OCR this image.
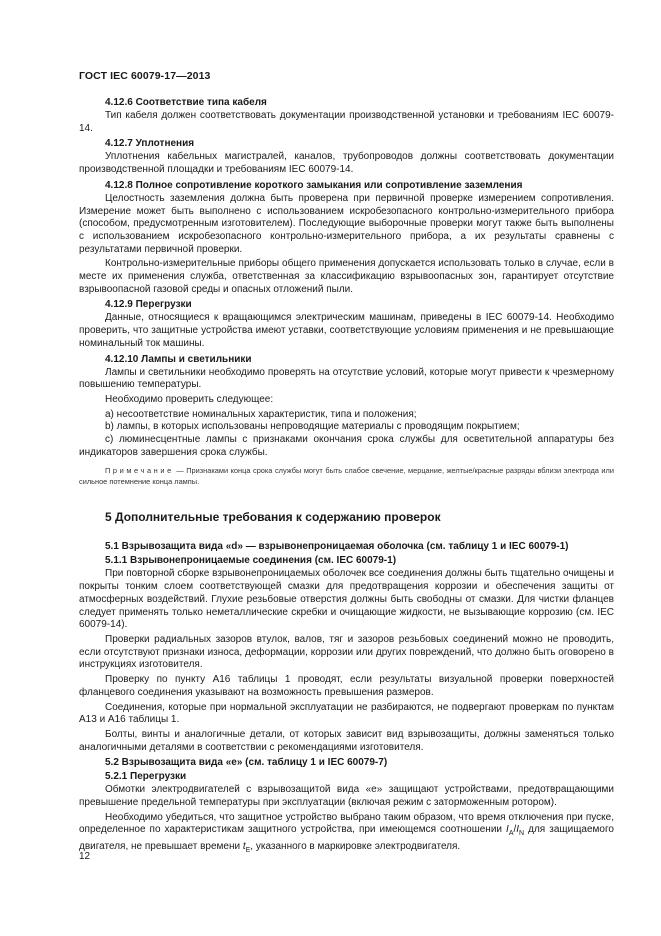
ГОСТ IEC 60079-17—2013
4.12.6 Соответствие типа кабеля
Тип кабеля должен соответствовать документации производственной установки и требованиям IEC 60079-14.
4.12.7 Уплотнения
Уплотнения кабельных магистралей, каналов, трубопроводов должны соответствовать документации производственной площадки и требованиям IEC 60079-14.
4.12.8 Полное сопротивление короткого замыкания или сопротивление заземления
Целостность заземления должна быть проверена при первичной проверке измерением сопротивления. Измерение может быть выполнено с использованием искробезопасного контрольно-измерительного прибора (способом, предусмотренным изготовителем). Последующие выборочные проверки могут также быть выполнены с использованием искробезопасного контрольно-измерительного прибора, а их результаты сравнены с результатами первичной проверки.
Контрольно-измерительные приборы общего применения допускается использовать только в случае, если в месте их применения служба, ответственная за классификацию взрывоопасных зон, гарантирует отсутствие взрывоопасной газовой среды и опасных отложений пыли.
4.12.9 Перегрузки
Данные, относящиеся к вращающимся электрическим машинам, приведены в IEC 60079-14. Необходимо проверить, что защитные устройства имеют уставки, соответствующие условиям применения и не превышающие номинальный ток машины.
4.12.10 Лампы и светильники
Лампы и светильники необходимо проверять на отсутствие условий, которые могут привести к чрезмерному повышению температуры.
Необходимо проверить следующее:
a) несоответствие номинальных характеристик, типа и положения;
b) лампы, в которых использованы непроводящие материалы с проводящим покрытием;
c) люминесцентные лампы с признаками окончания срока службы для осветительной аппаратуры без индикаторов завершения срока службы.
Примечание — Признаками конца срока службы могут быть слабое свечение, мерцание, желтые/красные разряды вблизи электрода или сильное потемнение конца лампы.
5 Дополнительные требования к содержанию проверок
5.1 Взрывозащита вида «d» — взрывонепроницаемая оболочка (см. таблицу 1 и IEC 60079-1)
5.1.1 Взрывонепроницаемые соединения (см. IEC 60079-1)
При повторной сборке взрывонепроницаемых оболочек все соединения должны быть тщательно очищены и покрыты тонким слоем соответствующей смазки для предотвращения коррозии и обеспечения защиты от атмосферных воздействий. Глухие резьбовые отверстия должны быть свободны от смазки. Для чистки фланцев следует применять только неметаллические скребки и очищающие жидкости, не вызывающие коррозию (см. IEC 60079-14).
Проверки радиальных зазоров втулок, валов, тяг и зазоров резьбовых соединений можно не проводить, если отсутствуют признаки износа, деформации, коррозии или других повреждений, что должно быть оговорено в инструкциях изготовителя.
Проверку по пункту А16 таблицы 1 проводят, если результаты визуальной проверки поверхностей фланцевого соединения указывают на возможность превышения размеров.
Соединения, которые при нормальной эксплуатации не разбираются, не подвергают проверкам по пунктам А13 и А16 таблицы 1.
Болты, винты и аналогичные детали, от которых зависит вид взрывозащиты, должны заменяться только аналогичными деталями в соответствии с рекомендациями изготовителя.
5.2 Взрывозащита вида «е» (см. таблицу 1 и IEC 60079-7)
5.2.1 Перегрузки
Обмотки электродвигателей с взрывозащитой вида «е» защищают устройствами, предотвращающими превышение предельной температуры при эксплуатации (включая режим с заторможенным ротором).
Необходимо убедиться, что защитное устройство выбрано таким образом, что время отключения при пуске, определенное по характеристикам защитного устройства, при имеющемся соотношении $I_A/I_N$ для защищаемого двигателя, не превышает времени $t_E$, указанного в маркировке электродвигателя.
12
